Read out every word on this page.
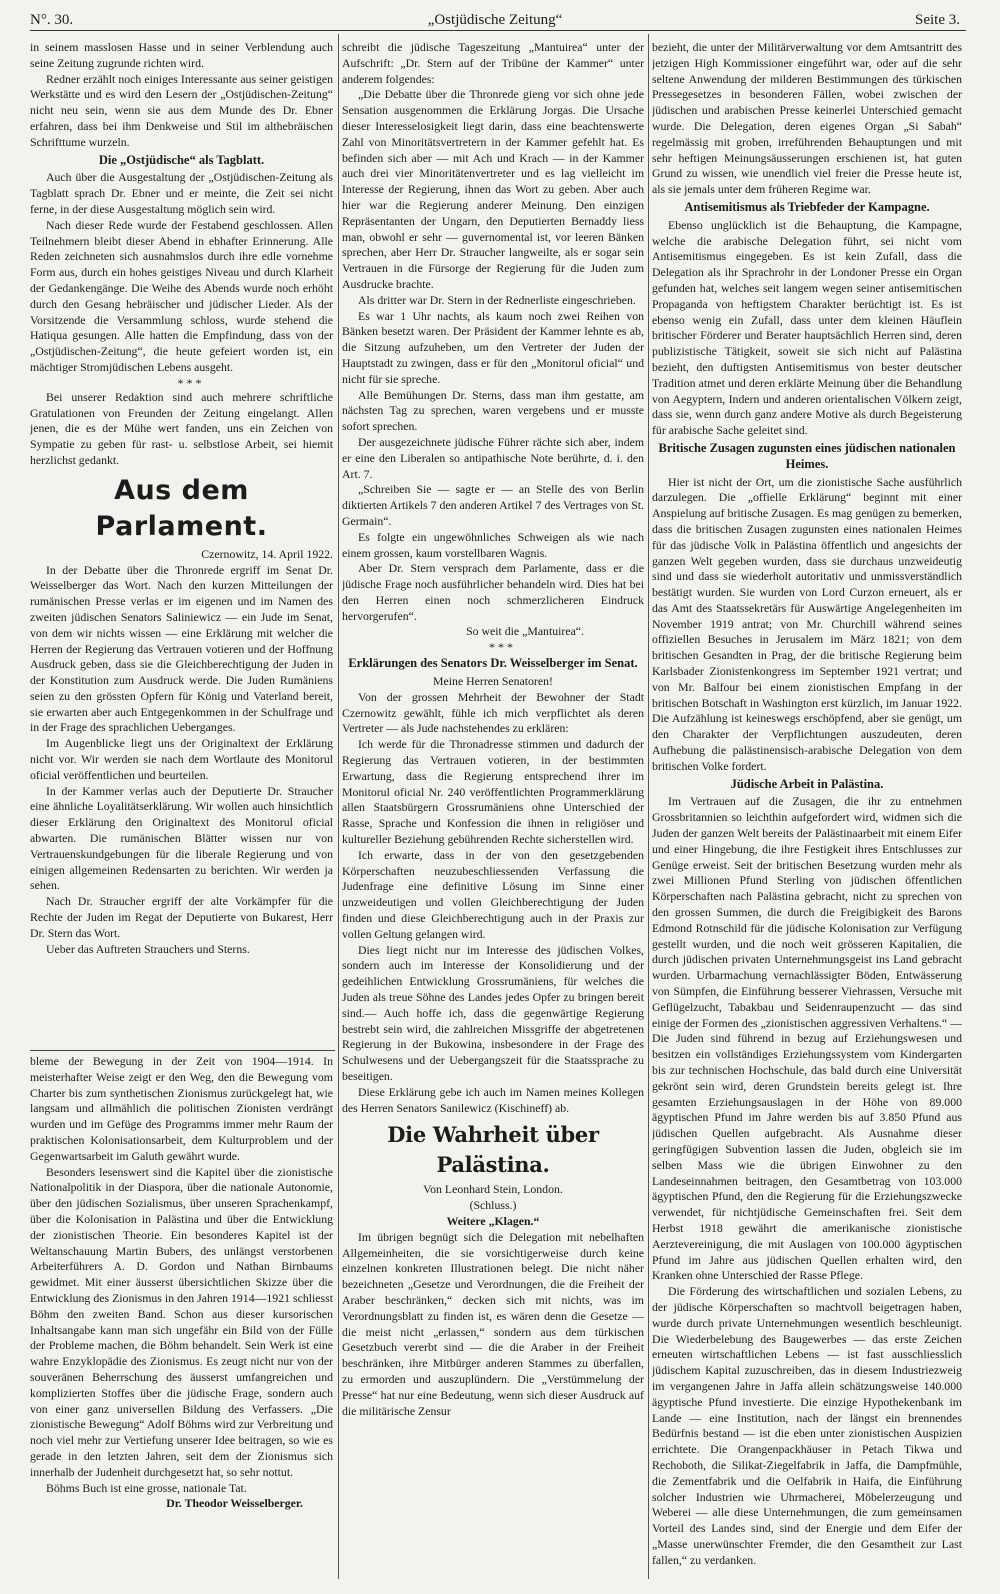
N°. 30.	„Ostjüdische Zeitung“	Seite 3.

in seinem masslosen Hasse und in seiner Verblendung auch seine Zeitung zugrunde richten wird.

Redner erzählt noch einiges Interessante aus seiner geistigen Werkstätte und es wird den Lesern der „Ostjüdischen-Zeitung“ nicht neu sein, wenn sie aus dem Munde des Dr. Ebner erfahren, dass bei ihm Denkweise und Stil im althebräischen Schrifttume wurzeln.

Die „Ostjüdische“ als Tagblatt.

Auch über die Ausgestaltung der „Ostjüdischen-Zeitung als Tagblatt sprach Dr. Ebner und er meinte, die Zeit sei nicht ferne, in der diese Ausgestaltung möglich sein wird.

Nach dieser Rede wurde der Festabend geschlossen. Allen Teilnehmern bleibt dieser Abend in ebhafter Erinnerung. Alle Reden zeichneten sich ausnahmslos durch ihre edle vornehme Form aus, durch ein hohes geistiges Niveau und durch Klarheit der Gedankengänge. Die Weihe des Abends wurde noch erhöht durch den Gesang hebräischer und jüdischer Lieder. Als der Vorsitzende die Versammlung schloss, wurde stehend die Hatiqua gesungen. Alle hatten die Empfindung, dass von der „Ostjüdischen-Zeitung“, die heute gefeiert worden ist, ein mächtiger Stromjüdischen Lebens ausgeht.

* * *

Bei unserer Redaktion sind auch mehrere schriftliche Gratulationen von Freunden der Zeitung eingelangt. Allen jenen, die es der Mühe wert fanden, uns ein Zeichen von Sympatie zu geben für rast- u. selbstlose Arbeit, sei hiemit herzlichst gedankt.

Aus dem Parlament.

Czernowitz, 14. April 1922.

In der Debatte über die Thronrede ergriff im Senat Dr. Weisselberger das Wort. Nach den kurzen Mitteilungen der rumänischen Presse verlas er im eigenen und im Namen des zweiten jüdischen Senators Saliniewicz — ein Jude im Senat, von dem wir nichts wissen — eine Erklärung mit welcher die Herren der Regierung das Vertrauen votieren und der Hoffnung Ausdruck geben, dass sie die Gleichberechtigung der Juden in der Konstitution zum Ausdruck werde. Die Juden Rumäniens seien zu den grössten Opfern für König und Vaterland bereit, sie erwarten aber auch Entgegenkommen in der Schulfrage und in der Frage des sprachlichen Ueberganges.

Im Augenblicke liegt uns der Originaltext der Erklärung nicht vor. Wir werden sie nach dem Wortlaute des Monitorul oficial veröffentlichen und beurteilen.

In der Kammer verlas auch der Deputierte Dr. Straucher eine ähnliche Loyalitätserklärung. Wir wollen auch hinsichtlich dieser Erklärung den Originaltext des Monitorul oficial abwarten. Die rumänischen Blätter wissen nur von Vertrauenskundgebungen für die liberale Regierung und von einigen allgemeinen Redensarten zu berichten. Wir werden ja sehen.

Nach Dr. Straucher ergriff der alte Vorkämpfer für die Rechte der Juden im Regat der Deputierte von Bukarest, Herr Dr. Stern das Wort.

Ueber das Auftreten Strauchers und Sterns.

bleme der Bewegung in der Zeit von 1904—1914. In meisterhafter Weise zeigt er den Weg, den die Bewegung vom Charter bis zum synthetischen Zionismus zurückgelegt hat, wie langsam und allmählich die politischen Zionisten verdrängt wurden und im Gefüge des Programms immer mehr Raum der praktischen Kolonisationsarbeit, dem Kulturproblem und der Gegenwartsarbeit im Galuth gewährt wurde.

Besonders lesenswert sind die Kapitel über die zionistische Nationalpolitik in der Diaspora, über die nationale Autonomie, über den jüdischen Sozialismus, über unseren Sprachenkampf, über die Kolonisation in Palästina und über die Entwicklung der zionistischen Theorie. Ein besonderes Kapitel ist der Weltanschauung Martin Bubers, des unlängst verstorbenen Arbeiterführers A. D. Gordon und Nathan Birnbaums gewidmet. Mit einer äusserst übersichtlichen Skizze über die Entwicklung des Zionismus in den Jahren 1914—1921 schliesst Böhm den zweiten Band. Schon aus dieser kursorischen Inhaltsangabe kann man sich ungefähr ein Bild von der Fülle der Probleme machen, die Böhm behandelt. Sein Werk ist eine wahre Enzyklopädie des Zionismus. Es zeugt nicht nur von der souveränen Beherrschung des äusserst umfangreichen und komplizierten Stoffes über die jüdische Frage, sondern auch von einer ganz universellen Bildung des Verfassers. „Die zionistische Bewegung“ Adolf Böhms wird zur Verbreitung und noch viel mehr zur Vertiefung unserer Idee beitragen, so wie es gerade in den letzten Jahren, seit dem der Zionismus sich innerhalb der Judenheit durchgesetzt hat, so sehr nottut.

Böhms Buch ist eine grosse, nationale Tat.

Dr. Theodor Weisselberger.

schreibt die jüdische Tageszeitung „Mantuirea“ unter der Aufschrift: „Dr. Stern auf der Tribüne der Kammer“ unter anderem folgendes:

„Die Debatte über die Thronrede gieng vor sich ohne jede Sensation ausgenommen die Erklärung Jorgas. Die Ursache dieser Interesselosigkeit liegt darin, dass eine beachtenswerte Zahl von Minoritätsvertretern in der Kammer gefehlt hat. Es befinden sich aber — mit Ach und Krach — in der Kammer auch drei vier Minoritätenvertreter und es lag vielleicht im Interesse der Regierung, ihnen das Wort zu geben. Aber auch hier war die Regierung anderer Meinung. Den einzigen Repräsentanten der Ungarn, den Deputierten Bernaddy liess man, obwohl er sehr — guvernomental ist, vor leeren Bänken sprechen, aber Herr Dr. Straucher langweilte, als er sogar sein Vertrauen in die Fürsorge der Regierung für die Juden zum Ausdrucke brachte.

Als dritter war Dr. Stern in der Rednerliste eingeschrieben.

Es war 1 Uhr nachts, als kaum noch zwei Reihen von Bänken besetzt waren. Der Präsident der Kammer lehnte es ab, die Sitzung aufzuheben, um den Vertreter der Juden der Hauptstadt zu zwingen, dass er für den „Monitorul oficial“ und nicht für sie spreche.

Alle Bemühungen Dr. Sterns, dass man ihm gestatte, am nächsten Tag zu sprechen, waren vergebens und er musste sofort sprechen.

Der ausgezeichnete jüdische Führer rächte sich aber, indem er eine den Liberalen so antipathische Note berührte, d. i. den Art. 7.

„Schreiben Sie — sagte er — an Stelle des von Berlin diktierten Artikels 7 den anderen Artikel 7 des Vertrages von St. Germain“.

Es folgte ein ungewöhnliches Schweigen als wie nach einem grossen, kaum vorstellbaren Wagnis.

Aber Dr. Stern versprach dem Parlamente, dass er die jüdische Frage noch ausführlicher behandeln wird. Dies hat bei den Herren einen noch schmerzlicheren Eindruck hervorgerufen“.

So weit die „Mantuirea“.

* * *

Erklärungen des Senators Dr. Weisselberger im Senat.

Meine Herren Senatoren!

Von der grossen Mehrheit der Bewohner der Stadt Czernowitz gewählt, fühle ich mich verpflichtet als deren Vertreter — als Jude nachstehendes zu erklären:

Ich werde für die Thronadresse stimmen und dadurch der Regierung das Vertrauen votieren, in der bestimmten Erwartung, dass die Regierung entsprechend ihrer im Monitorul oficial Nr. 240 veröffentlichten Programmerklärung allen Staatsbürgern Grossrumäniens ohne Unterschied der Rasse, Sprache und Konfession die ihnen in religiöser und kultureller Beziehung gebührenden Rechte sicherstellen wird.

Ich erwarte, dass in der von den gesetzgebenden Körperschaften neuzubeschliessenden Verfassung die Judenfrage eine definitive Lösung im Sinne einer unzweideutigen und vollen Gleichberechtigung der Juden finden und diese Gleichberechtigung auch in der Praxis zur vollen Geltung gelangen wird.

Dies liegt nicht nur im Interesse des jüdischen Volkes, sondern auch im Interesse der Konsolidierung und der gedeihlichen Entwicklung Grossrumäniens, für welches die Juden als treue Söhne des Landes jedes Opfer zu bringen bereit sind.— Auch hoffe ich, dass die gegenwärtige Regierung bestrebt sein wird, die zahlreichen Missgriffe der abgetretenen Regierung in der Bukowina, insbesondere in der Frage des Schulwesens und der Uebergangszeit für die Staatssprache zu beseitigen.

Diese Erklärung gebe ich auch im Namen meines Kollegen des Herren Senators Sanilewicz (Kischineff) ab.

Die Wahrheit über Palästina.

Von Leonhard Stein, London.

(Schluss.)

Weitere „Klagen.“

Im übrigen begnügt sich die Delegation mit nebelhaften Allgemeinheiten, die sie vorsichtigerweise durch keine einzelnen konkreten Illustrationen belegt. Die nicht näher bezeichneten „Gesetze und Verordnungen, die die Freiheit der Araber beschränken,“ decken sich mit nichts, was im Verordnungsblatt zu finden ist, es wären denn die Gesetze — die meist nicht „erlassen,“ sondern aus dem türkischen Gesetzbuch vererbt sind — die die Araber in der Freiheit beschränken, ihre Mitbürger anderen Stammes zu überfallen, zu ermorden und auszuplündern. Die „Verstümmelung der Presse“ hat nur eine Bedeutung, wenn sich dieser Ausdruck auf die militärische Zensur

bezieht, die unter der Militärverwaltung vor dem Amtsantritt des jetzigen High Kommissioner eingeführt war, oder auf die sehr seltene Anwendung der milderen Bestimmungen des türkischen Pressegesetzes in besonderen Fällen, wobei zwischen der jüdischen und arabischen Presse keinerlei Unterschied gemacht wurde. Die Delegation, deren eigenes Organ „Si Sabah“ regelmässig mit groben, irreführenden Behauptungen und mit sehr heftigen Meinungsäusserungen erschienen ist, hat guten Grund zu wissen, wie unendlich viel freier die Presse heute ist, als sie jemals unter dem früheren Regime war.

Antisemitismus als Triebfeder der Kampagne.

Ebenso unglücklich ist die Behauptung, die Kampagne, welche die arabische Delegation führt, sei nicht vom Antisemitismus eingegeben. Es ist kein Zufall, dass die Delegation als ihr Sprachrohr in der Londoner Presse ein Organ gefunden hat, welches seit langem wegen seiner antisemitischen Propaganda von heftigstem Charakter berüchtigt ist. Es ist ebenso wenig ein Zufall, dass unter dem kleinen Häuflein britischer Förderer und Berater hauptsächlich Herren sind, deren publizistische Tätigkeit, soweit sie sich nicht auf Palästina bezieht, den duftigsten Antisemitismus von bester deutscher Tradition atmet und deren erklärte Meinung über die Behandlung von Aegyptern, Indern und anderen orientalischen Völkern zeigt, dass sie, wenn durch ganz andere Motive als durch Begeisterung für arabische Sache geleitet sind.

Britische Zusagen zugunsten eines jüdischen nationalen Heimes.

Hier ist nicht der Ort, um die zionistische Sache ausführlich darzulegen. Die „offielle Erklärung“ beginnt mit einer Anspielung auf britische Zusagen. Es mag genügen zu bemerken, dass die britischen Zusagen zugunsten eines nationalen Heimes für das jüdische Volk in Palästina öffentlich und angesichts der ganzen Welt gegeben wurden, dass sie durchaus unzweideutig sind und dass sie wiederholt autoritativ und unmissverständlich bestätigt wurden. Sie wurden von Lord Curzon erneuert, als er das Amt des Staatssekretärs für Auswärtige Angelegenheiten im November 1919 antrat; von Mr. Churchill während seines offiziellen Besuches in Jerusalem im März 1821; von dem britischen Gesandten in Prag, der die britische Regierung beim Karlsbader Zionistenkongress im September 1921 vertrat; und von Mr. Balfour bei einem zionistischen Empfang in der britischen Botschaft in Washington erst kürzlich, im Januar 1922. Die Aufzählung ist keineswegs erschöpfend, aber sie genügt, um den Charakter der Verpflichtungen auszudeuten, deren Aufhebung die palästinensisch-arabische Delegation von dem britischen Volke fordert.

Jüdische Arbeit in Palästina.

Im Vertrauen auf die Zusagen, die ihr zu entnehmen Grossbritannien so leichthin aufgefordert wird, widmen sich die Juden der ganzen Welt bereits der Palästinaarbeit mit einem Eifer und einer Hingebung, die ihre Festigkeit ihres Entschlusses zur Genüge erweist. Seit der britischen Besetzung wurden mehr als zwei Millionen Pfund Sterling von jüdischen öffentlichen Körperschaften nach Palästina gebracht, nicht zu sprechen von den grossen Summen, die durch die Freigibigkeit des Barons Edmond Rotnschild für die jüdische Kolonisation zur Verfügung gestellt wurden, und die noch weit grösseren Kapitalien, die durch jüdischen privaten Unternehmungsgeist ins Land gebracht wurden. Urbarmachung vernachlässigter Böden, Entwässerung von Sümpfen, die Einführung besserer Viehrassen, Versuche mit Geflügelzucht, Tabakbau und Seidenraupenzucht — das sind einige der Formen des „zionistischen aggressiven Verhaltens.“ — Die Juden sind führend in bezug auf Erziehungswesen und besitzen ein vollständiges Erziehungssystem vom Kindergarten bis zur technischen Hochschule, das bald durch eine Universität gekrönt sein wird, deren Grundstein bereits gelegt ist. Ihre gesamten Erziehungsauslagen in der Höhe von 89.000 ägyptischen Pfund im Jahre werden bis auf 3.850 Pfund aus jüdischen Quellen aufgebracht. Als Ausnahme dieser geringfügigen Subvention lassen die Juden, obgleich sie im selben Mass wie die übrigen Einwohner zu den Landeseinnahmen beitragen, den Gesamtbetrag von 103.000 ägyptischen Pfund, den die Regierung für die Erziehungszwecke verwendet, für nichtjüdische Gemeinschaften frei. Seit dem Herbst 1918 gewährt die amerikanische zionistische Aerztevereinigung, die mit Auslagen von 100.000 ägyptischen Pfund im Jahre aus jüdischen Quellen erhalten wird, den Kranken ohne Unterschied der Rasse Pflege.

Die Förderung des wirtschaftlichen und sozialen Lebens, zu der jüdische Körperschaften so machtvoll beigetragen haben, wurde durch private Unternehmungen wesentlich beschleunigt. Die Wiederbelebung des Baugewerbes — das erste Zeichen erneuten wirtschaftlichen Lebens — ist fast ausschliesslich jüdischem Kapital zuzuschreiben, das in diesem Industriezweig im vergangenen Jahre in Jaffa allein schätzungsweise 140.000 ägyptische Pfund investierte. Die einzige Hypothekenbank im Lande — eine Institution, nach der längst ein brennendes Bedürfnis bestand — ist die eben unter zionistischen Auspizien errichtete. Die Orangenpackhäuser in Petach Tikwa und Rechoboth, die Silikat-Ziegelfabrik in Jaffa, die Dampfmühle, die Zementfabrik und die Oelfabrik in Haifa, die Einführung solcher Industrien wie Uhrmacherei, Möbelerzeugung und Weberei — alle diese Unternehmungen, die zum gemeinsamen Vorteil des Landes sind, sind der Energie und dem Eifer der „Masse unerwünschter Fremder, die den Gesamtheit zur Last fallen,“ zu verdanken.
